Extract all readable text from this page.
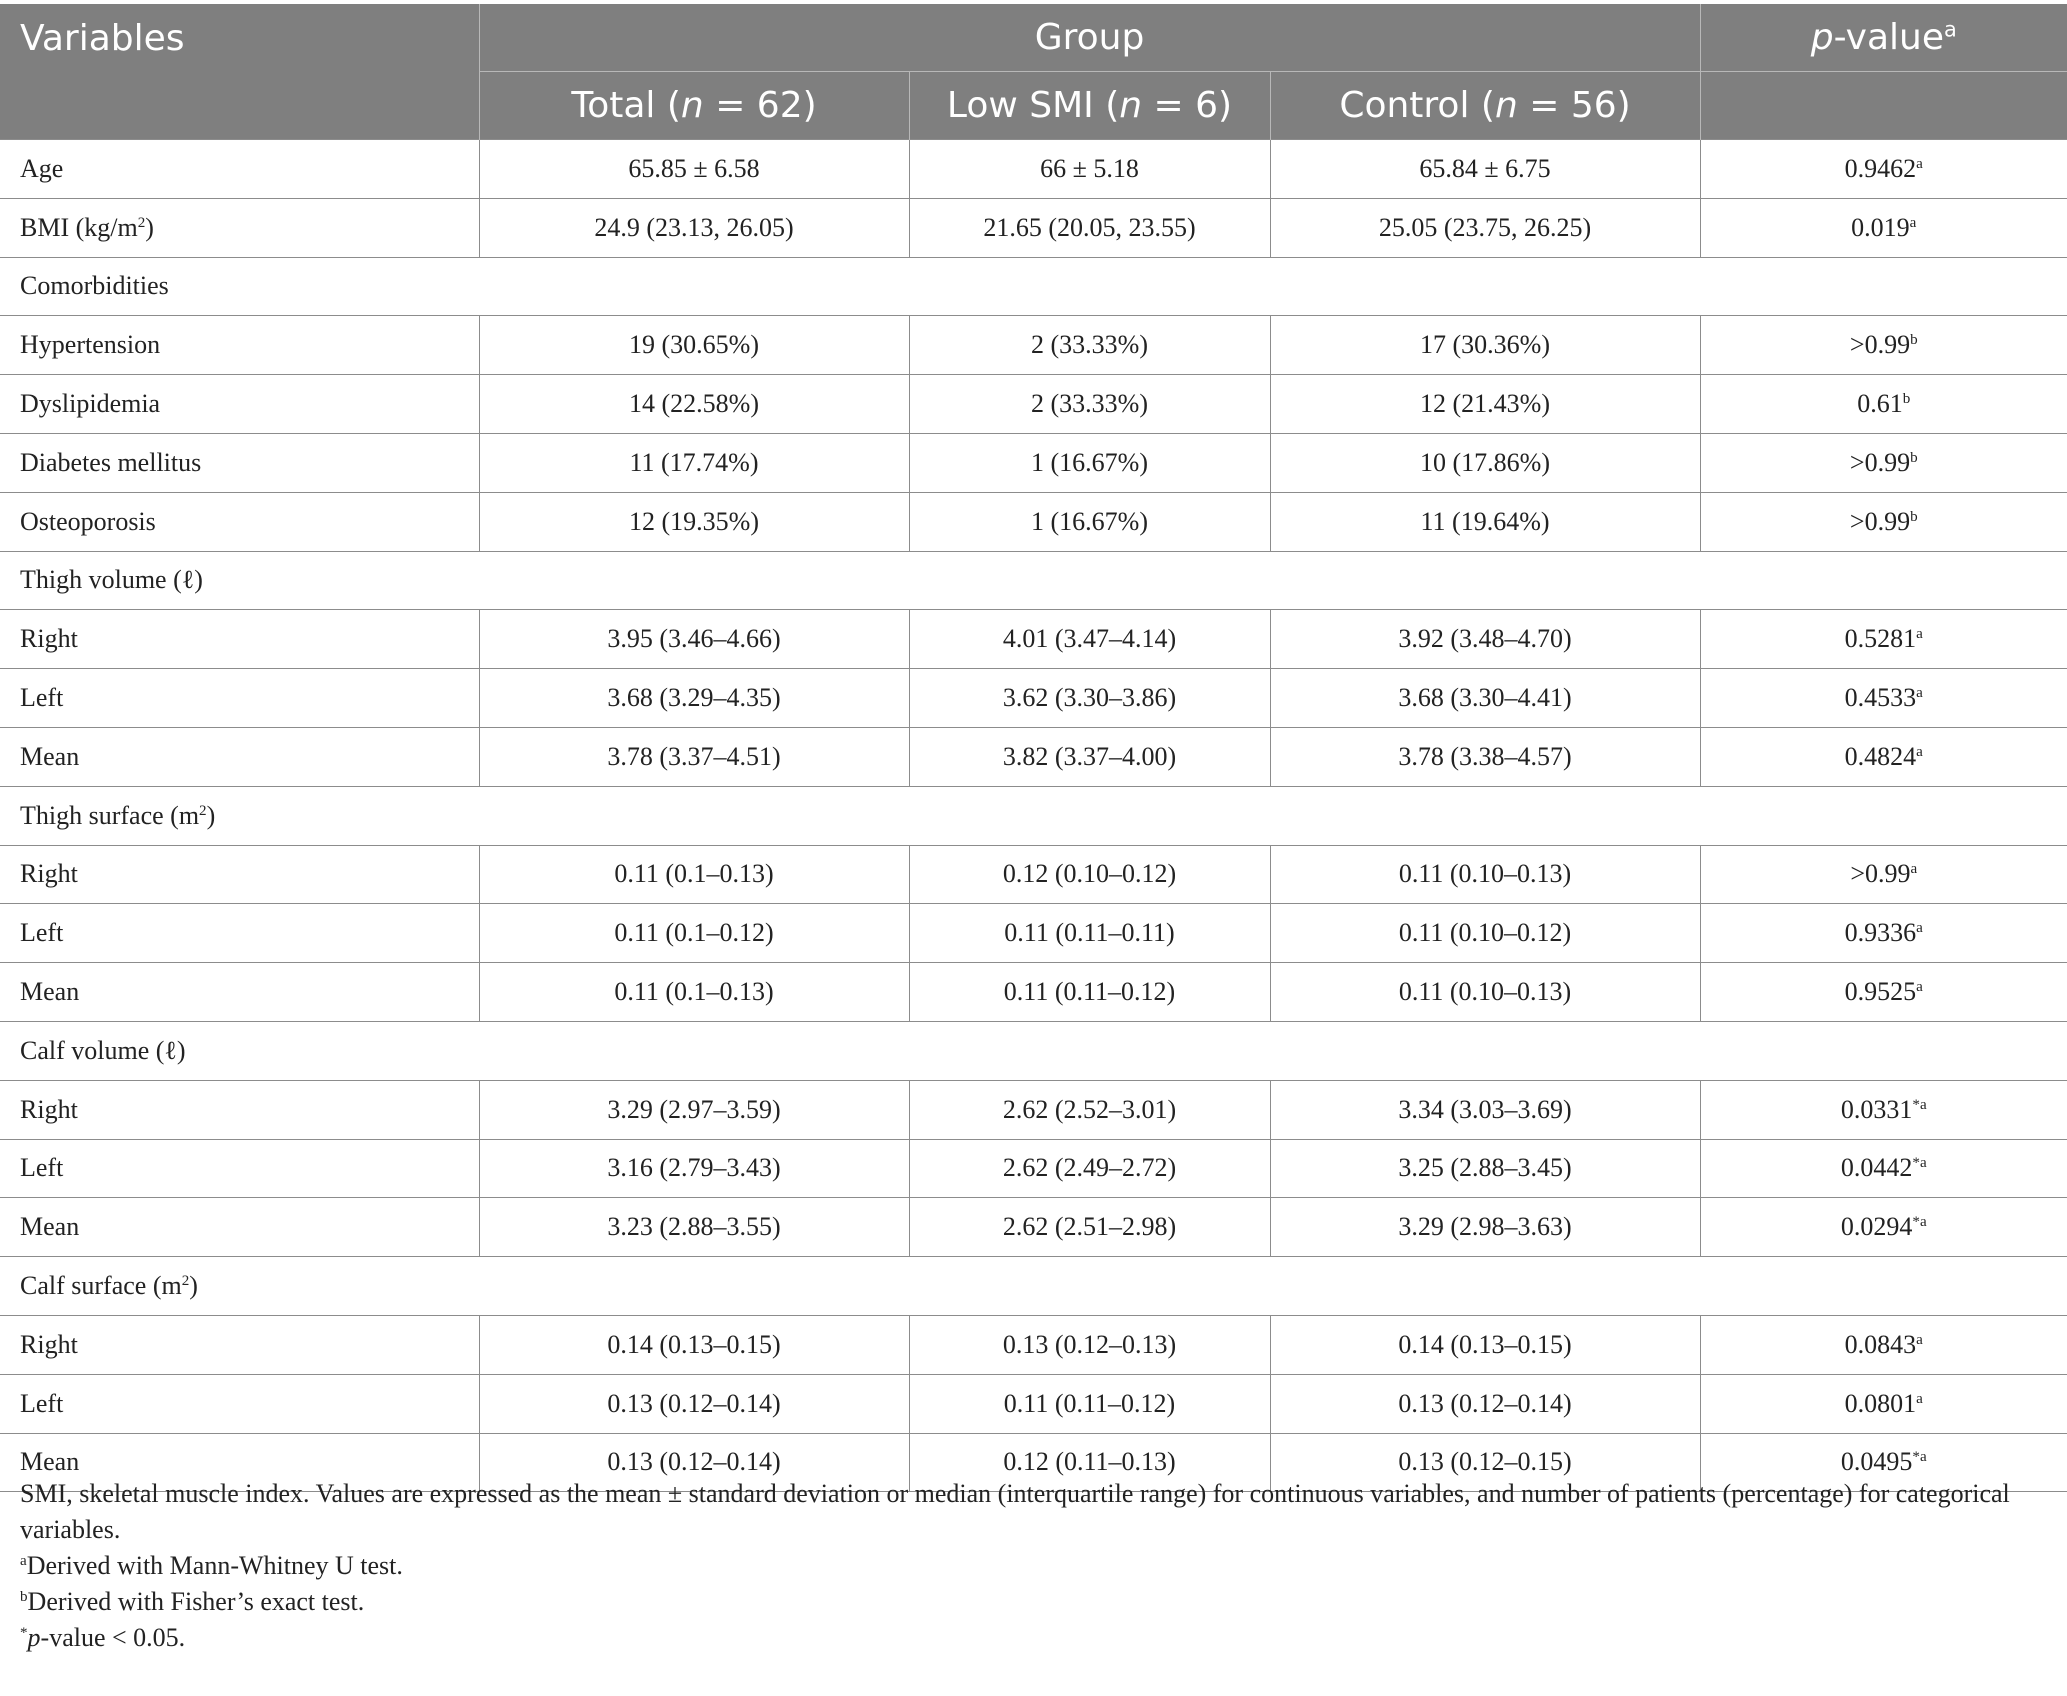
Variables	Group			p-value$^a$
	Total (n = 62)	Low SMI (n = 6)	Control (n = 56)	
Age	65.85 ± 6.58	66 ± 5.18	65.84 ± 6.75	0.9462$^a$
BMI $(kg/m^2)$	24.9 (23.13, 26.05)	21.65 (20.05, 23.55)	25.05 (23.75, 26.25)	0.019$^a$
Comorbidities				
Hypertension	19 (30.65%)	2 (33.33%)	17 (30.36%)	>0.99$^b$
Dyslipidemia	14 (22.58%)	2 (33.33%)	12 (21.43%)	0.61$^b$
Diabetes mellitus	11 (17.74%)	1 (16.67%)	10 (17.86%)	>0.99$^b$
Osteoporosis	12 (19.35%)	1 (16.67%)	11 (19.64%)	>0.99$^b$
Thigh volume (ℓ)				
Right	3.95 (3.46–4.66)	4.01 (3.47–4.14)	3.92 (3.48–4.70)	0.5281$^a$
Left	3.68 (3.29–4.35)	3.62 (3.30–3.86)	3.68 (3.30–4.41)	0.4533$^a$
Mean	3.78 (3.37–4.51)	3.82 (3.37–4.00)	3.78 (3.38–4.57)	0.4824$^a$
Thigh surface $(m^2)$				
Right	0.11 (0.1–0.13)	0.12 (0.10–0.12)	0.11 (0.10–0.13)	>0.99$^a$
Left	0.11 (0.1–0.12)	0.11 (0.11–0.11)	0.11 (0.10–0.12)	0.9336$^a$
Mean	0.11 (0.1–0.13)	0.11 (0.11–0.12)	0.11 (0.10–0.13)	0.9525$^a$
Calf volume (ℓ)				
Right	3.29 (2.97–3.59)	2.62 (2.52–3.01)	3.34 (3.03–3.69)	0.0331$^{*a}$
Left	3.16 (2.79–3.43)	2.62 (2.49–2.72)	3.25 (2.88–3.45)	0.0442$^{*a}$
Mean	3.23 (2.88–3.55)	2.62 (2.51–2.98)	3.29 (2.98–3.63)	0.0294$^{*a}$
Calf surface $(m^2)$				
Right	0.14 (0.13–0.15)	0.13 (0.12–0.13)	0.14 (0.13–0.15)	0.0843$^a$
Left	0.13 (0.12–0.14)	0.11 (0.11–0.12)	0.13 (0.12–0.14)	0.0801$^a$
Mean	0.13 (0.12–0.14)	0.12 (0.11–0.13)	0.13 (0.12–0.15)	0.0495$^{*a}$

SMI, skeletal muscle index. Values are expressed as the mean ± standard deviation or median (interquartile range) for continuous variables, and number of patients (percentage) for categorical variables.

$^a$Derived with Mann-Whitney U test.

$^b$Derived with Fisher’s exact test.

*p-value < 0.05.
